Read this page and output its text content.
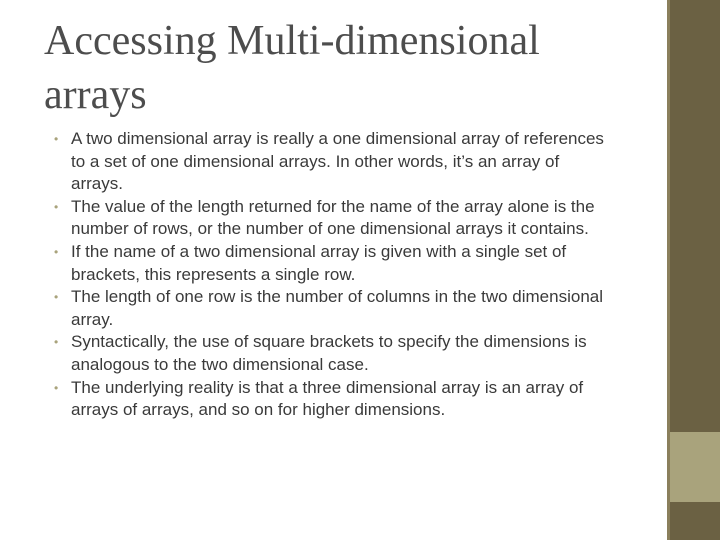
Accessing Multi-dimensional arrays
• A two dimensional array is really a one dimensional array of references to a set of one dimensional arrays. In other words, it’s an array of arrays.
• The value of the length returned for the name of the array alone is the number of rows, or the number of one dimensional arrays it contains.
• If the name of a two dimensional array is given with a single set of brackets, this represents a single row.
• The length of one row is the number of columns in the two dimensional array.
• Syntactically, the use of square brackets to specify the dimensions is analogous to the two dimensional case.
• The underlying reality is that a three dimensional array is an array of arrays of arrays, and so on for higher dimensions.
